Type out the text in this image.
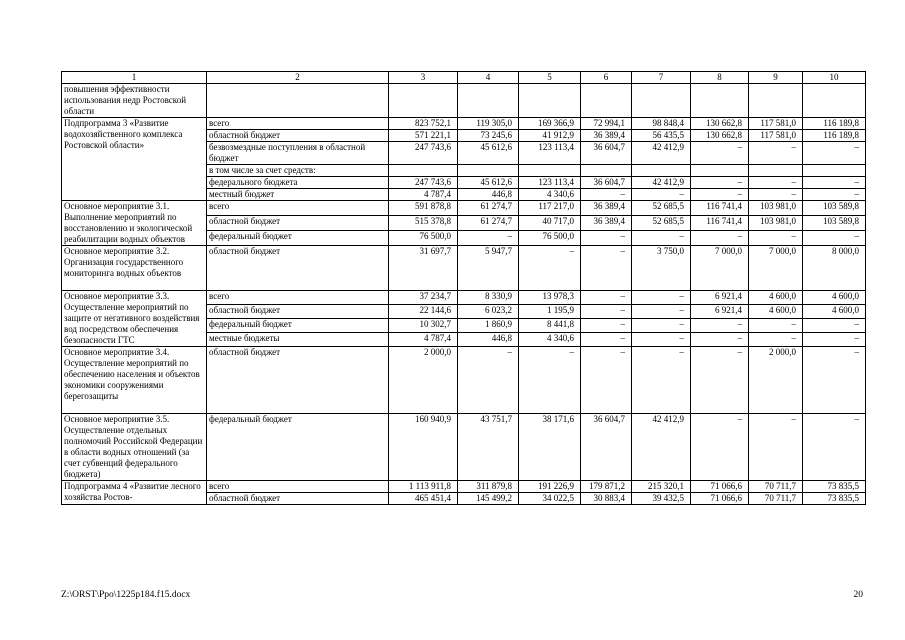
1	2	3	4	5	6	7	8	9	10
повышения эффективности использования недр Ростовской области									
Подпрограмма 3 «Развитие водохозяйственного комплекса Ростовской области»	всего	823 752,1	119 305,0	169 366,9	72 994,1	98 848,4	130 662,8	117 581,0	116 189,8
	областной бюджет	571 221,1	73 245,6	41 912,9	36 389,4	56 435,5	130 662,8	117 581,0	116 189,8
	безвозмездные поступления в областной бюджет	247 743,6	45 612,6	123 113,4	36 604,7	42 412,9	–	–	–
	в том числе за счет средств:								
	федерального бюджета	247 743,6	45 612,6	123 113,4	36 604,7	42 412,9	–	–	–
	местный бюджет	4 787,4	446,8	4 340,6	–	–	–	–	–
Основное мероприятие 3.1. Выполнение мероприятий по восстановлению и экологической реабилитации водных объектов	всего	591 878,8	61 274,7	117 217,0	36 389,4	52 685,5	116 741,4	103 981,0	103 589,8
	областной бюджет	515 378,8	61 274,7	40 717,0	36 389,4	52 685,5	116 741,4	103 981,0	103 589,8
	федеральный бюджет	76 500,0	–	76 500,0	–	–	–	–	–
Основное мероприятие 3.2. Организация государственного мониторинга водных объектов	областной бюджет	31 697,7	5 947,7	–	–	3 750,0	7 000,0	7 000,0	8 000,0
Основное мероприятие 3.3. Осуществление мероприятий по защите от негативного воздействия вод посредством обеспечения безопасности ГТС	всего	37 234,7	8 330,9	13 978,3	–	–	6 921,4	4 600,0	4 600,0
	областной бюджет	22 144,6	6 023,2	1 195,9	–	–	6 921,4	4 600,0	4 600,0
	федеральный бюджет	10 302,7	1 860,9	8 441,8	–	–	–	–	–
	местные бюджеты	4 787,4	446,8	4 340,6	–	–	–	–	–
Основное мероприятие 3.4. Осуществление мероприятий по обеспечению населения и объектов экономики сооружениями берегозащиты	областной бюджет	2 000,0	–	–	–	–	–	2 000,0	–
Основное мероприятие 3.5. Осуществление отдельных полномочий Российской Федерации в области водных отношений (за счет субвенций федерального бюджета)	федеральный бюджет	160 940,9	43 751,7	38 171,6	36 604,7	42 412,9	–	–	–
Подпрограмма 4 «Развитие лесного хозяйства Ростов-	всего	1 113 911,8	311 879,8	191 226,9	179 871,2	215 320,1	71 066,6	70 711,7	73 835,5
	областной бюджет	465 451,4	145 499,2	34 022,5	30 883,4	39 432,5	71 066,6	70 711,7	73 835,5
Z:\ORST\Ppo\1225p184.f15.docx	20
